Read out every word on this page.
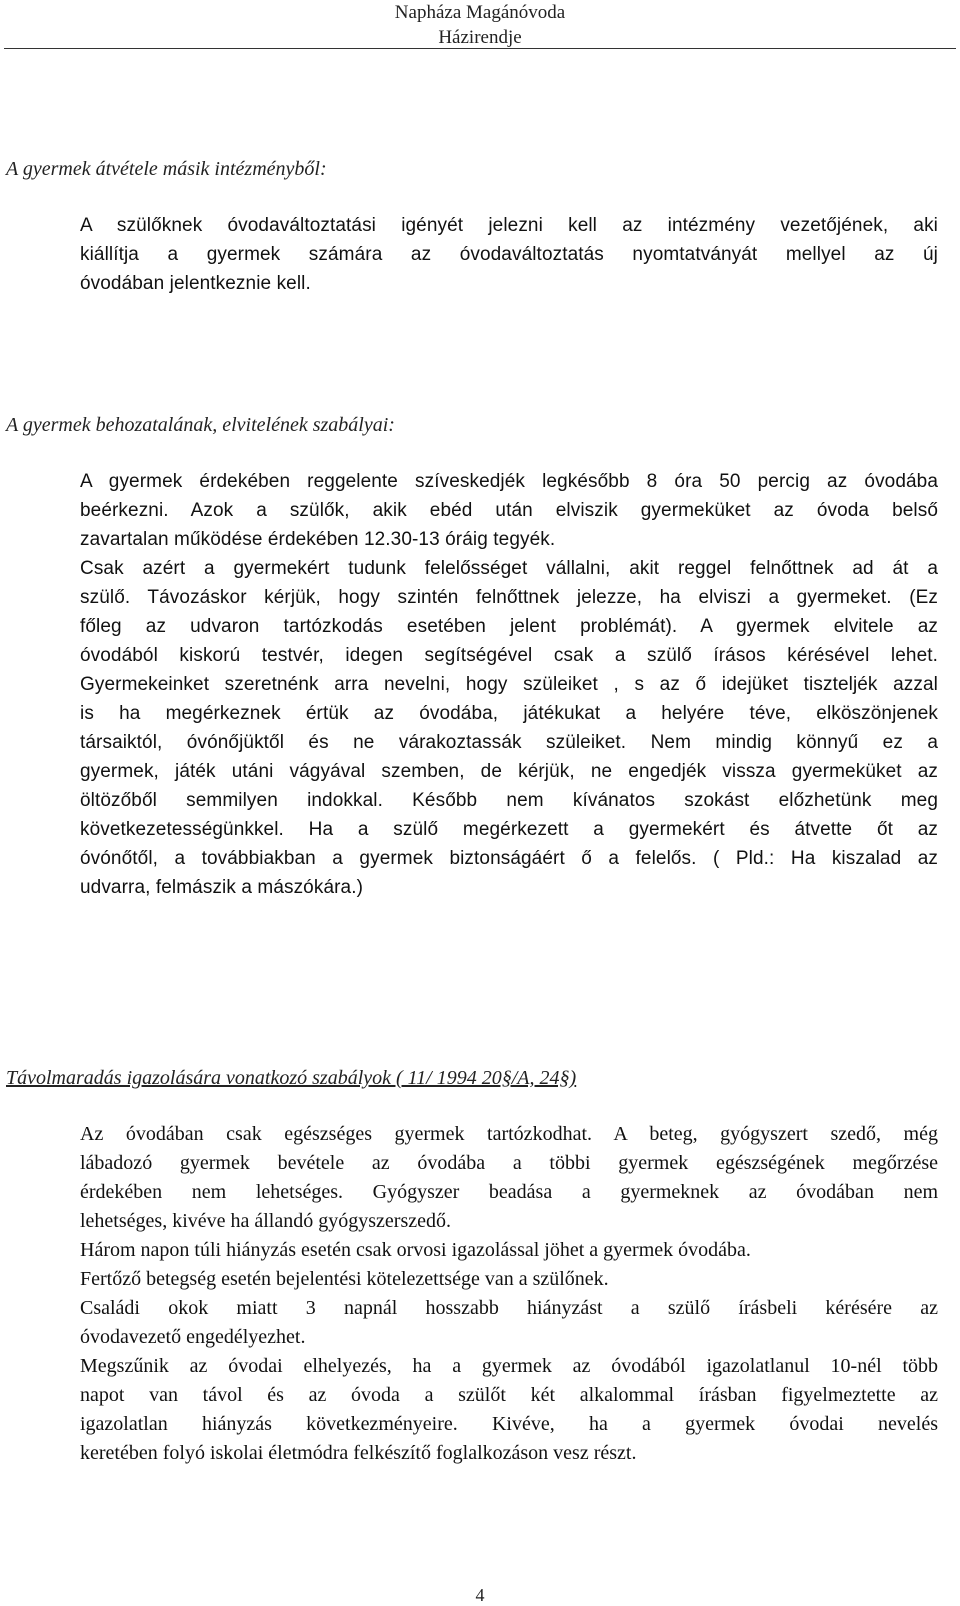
Napháza Magánóvoda
Házirendje
A gyermek átvétele másik intézményből:
A szülőknek óvodaváltoztatási igényét jelezni kell az intézmény vezetőjének, aki
kiállítja a gyermek számára az óvodaváltoztatás nyomtatványát mellyel az új
óvodában jelentkeznie kell.
A gyermek behozatalának, elvitelének szabályai:
A gyermek érdekében reggelente szíveskedjék legkésőbb 8 óra 50 percig az óvodába
beérkezni. Azok a szülők, akik ebéd után elviszik gyermeküket az óvoda belső
zavartalan működése érdekében 12.30-13 óráig tegyék.
Csak azért a gyermekért tudunk felelősséget vállalni, akit reggel felnőttnek ad át a
szülő. Távozáskor kérjük, hogy szintén felnőttnek jelezze, ha elviszi a gyermeket. (Ez
főleg az udvaron tartózkodás esetében jelent problémát). A gyermek elvitele az
óvodából kiskorú testvér, idegen segítségével csak a szülő írásos kérésével lehet.
Gyermekeinket szeretnénk arra nevelni, hogy szüleiket , s az ő idejüket tiszteljék azzal
is ha megérkeznek értük az óvodába, játékukat a helyére téve, elköszönjenek
társaiktól, óvónőjüktől és ne várakoztassák szüleiket. Nem mindig könnyű ez a
gyermek, játék utáni vágyával szemben, de kérjük, ne engedjék vissza gyermeküket az
öltözőből semmilyen indokkal. Később nem kívánatos szokást előzhetünk meg
következetességünkkel. Ha a szülő megérkezett a gyermekért és átvette őt az
óvónőtől, a továbbiakban a gyermek biztonságáért ő a felelős. ( Pld.: Ha kiszalad az
udvarra, felmászik a mászókára.)
Távolmaradás igazolására vonatkozó szabályok ( 11/ 1994 20§/A, 24§)
Az óvodában csak egészséges gyermek tartózkodhat. A beteg, gyógyszert szedő, még
lábadozó gyermek bevétele az óvodába a többi gyermek egészségének megőrzése
érdekében nem lehetséges. Gyógyszer beadása a gyermeknek az óvodában nem
lehetséges, kivéve ha állandó gyógyszerszedő.
Három napon túli hiányzás esetén csak orvosi igazolással jöhet a gyermek óvodába.
Fertőző betegség esetén bejelentési kötelezettsége van a szülőnek.
Családi okok miatt 3 napnál hosszabb hiányzást a szülő írásbeli kérésére az
óvodavezető engedélyezhet.
Megszűnik az óvodai elhelyezés, ha a gyermek az óvodából igazolatlanul 10-nél több
napot van távol és az óvoda a szülőt két alkalommal írásban figyelmeztette az
igazolatlan hiányzás következményeire. Kivéve, ha a gyermek óvodai nevelés
keretében folyó iskolai életmódra felkészítő foglalkozáson vesz részt.
4
